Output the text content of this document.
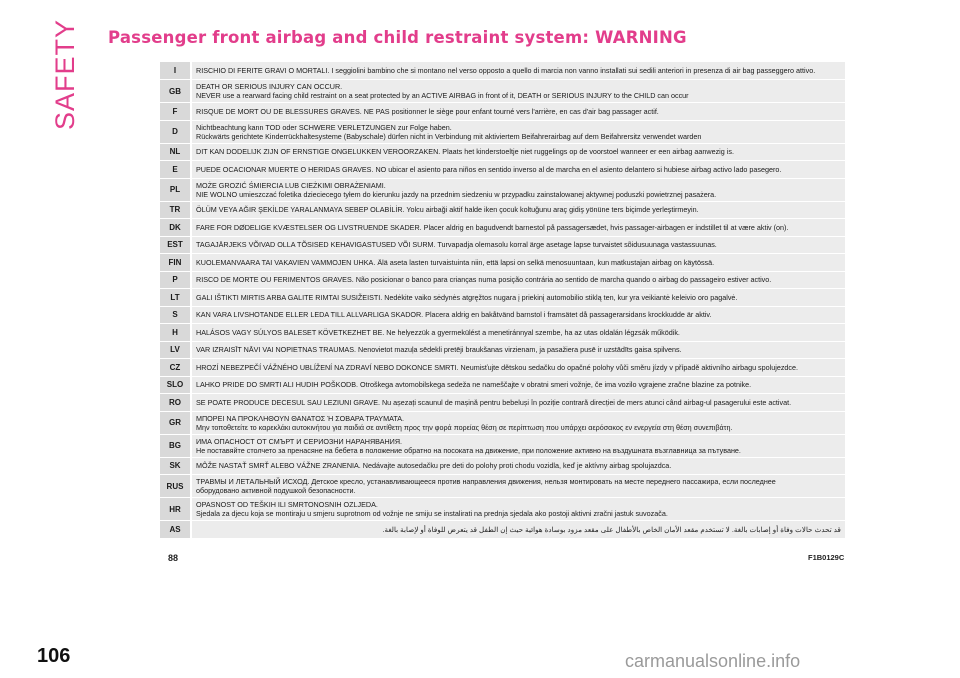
SAFETY	Passenger front airbag and child restraint system: WARNING
I	RISCHIO DI FERITE GRAVI O MORTALI. I seggiolini bambino che si montano nel verso opposto a quello di marcia non vanno installati sui sedili anteriori in presenza di air bag passeggero attivo.

GB	DEATH OR SERIOUS INJURY CAN OCCUR.
NEVER use a rearward facing child restraint on a seat protected by an ACTIVE AIRBAG in front of it, DEATH or SERIOUS INJURY to the CHILD can occur

F	RISQUE DE MORT OU DE BLESSURES GRAVES. NE PAS positionner le siège pour enfant tourné vers l'arrière, en cas d'air bag passager actif.

D	Nichtbeachtung kann TOD oder SCHWERE VERLETZUNGEN zur Folge haben.
Rückwärts gerichtete Kinderrückhaltesysteme (Babyschale) dürfen nicht in Verbindung mit aktiviertem Beifahrerairbag auf dem Beifahrersitz verwendet warden

NL	DIT KAN DODELIJK ZIJN OF ERNSTIGE ONGELUKKEN VEROORZAKEN. Plaats het kinderstoeltje niet ruggelings op de voorstoel wanneer er een airbag aanwezig is.

E	PUEDE OCACIONAR MUERTE O HERIDAS GRAVES. NO ubicar el asiento para niños en sentido inverso al de marcha en el asiento delantero si hubiese airbag activo lado pasegero.

PL	MOŻE GROZIĆ ŚMIERCIA LUB CIEŻKIMI OBRAŻENIAMI.
NIE WOLNO umieszczać foletika dzieciecego tyłem do kierunku jazdy na przednim siedzeniu w przypadku zainstalowanej aktywnej poduszki powietrznej pasażera.

TR	ÖLÜM VEYA AĞIR ŞEKİLDE YARALANMAYA SEBEP OLABİLİR. Yolcu airbaği aktif halde iken çocuk koltuğunu araç gidiş yönüne ters biçimde yerleştirmeyin.

DK	FARE FOR DØDELIGE KVÆSTELSER OG LIVSTRUENDE SKADER. Placer aldrig en bagudvendt barnestol på passagersædet, hvis passager-airbagen er indstillet til at være aktiv (on).

EST	TAGAJÄRJEKS VÕIVAD OLLA TÕSISED KEHAVIGASTUSED VÕI SURM. Turvapadja olemasolu korral ärge asetage lapse turvaistet sõidusuunaga vastassuunas.

FIN	KUOLEMANVAARA TAI VAKAVIEN VAMMOJEN UHKA. Älä aseta lasten turvaistuinta niin, että lapsi on selkä menosuuntaan, kun matkustajan airbag on käytössä.

P	RISCO DE MORTE OU FERIMENTOS GRAVES. Não posicionar o banco para crianças numa posição contrária ao sentido de marcha quando o airbag do passageiro estiver activo.

LT	GALI IŠTIKTI MIRTIS ARBA GALITE RIMTAI SUSIŽEISTI. Nedėkite vaiko sėdynės atgręžtos nugara į priekinį automobilio stiklą ten, kur yra veikiantė keleivio oro pagalvė.

S	KAN VARA LIVSHOTANDE ELLER LEDA TILL ALLVARLIGA SKADOR. Placera aldrig en bakåtvänd barnstol i framsätet då passagerarsidans krockkudde är aktiv.

H	HALÁSOS VAGY SÚLYOS BALESET KÖVETKEZHET BE. Ne helyezzük a gyermekülést a menetiránnyal szembe, ha az utas oldalán légzsák működik.

LV	VAR IZRAISĪT NĀVI VAI NOPIETNAS TRAUMAS. Nenovietot mazuļa sēdekli pretēji braukšanas virzienam, ja pasažiera pusē ir uzstādīts gaisa spilvens.

CZ	HROZÍ NEBEZPEČÍ VÁŽNÉHO UBLÍŽENÍ NA ZDRAVÍ NEBO DOKONCE SMRTI. Neumisťujte dětskou sedačku do opačné polohy vůči směru jízdy v případě aktivního airbagu spolujezdce.

SLO	LAHKO PRIDE DO SMRTI ALI HUDIH POŠKODB. Otroškega avtomobilskega sedeža ne nameščajte v obratni smeri vožnje, če ima vozilo vgrajene zračne blazine za potnike.

RO	SE POATE PRODUCE DECESUL SAU LEZIUNI GRAVE. Nu așezați scaunul de mașină pentru bebeluși în poziție contrară direcției de mers atunci când airbag-ul pasagerului este activat.

GR	ΜΠΟΡΕΙ ΝΑ ΠΡΟΚΛΗΘΟΥΝ ΘΑΝΑΤΟΣ Ή ΣΟΒΑΡΑ ΤΡΑΥΜΑΤΑ.
Μην τοποθετείτε το καρεκλάκι αυτοκινήτου για παιδιά σε αντίθετη προς την φορά πορείας θέση σε περίπτωση που υπάρχει αερόσακος εν ενεργεία στη θέση συνεπιβάτη.

BG	ИМА ОПАСНОСТ ОТ СМЪРТ И СЕРИОЗНИ НАРАНЯВАНИЯ.
Не поставяйте столчето за пренасяне на бебета в положение обратно на посоката на движение, при положение активно на въздушната възглавница за пътуване.

SK	MÔŽE NASTAŤ SMRŤ ALEBO VÁŽNE ZRANENIA. Nedávajte autosedačku pre deti do polohy proti chodu vozidla, keď je aktívny airbag spolujazdca.

RUS	ТРАВМЫ И ЛЕТАЛЬНЫЙ ИСХОД. Детское кресло, устанавливающееся против направления движения, нельзя монтировать на месте переднего пассажира, если последнее
оборудовано активной подушкой безопасности.

HR	OPASNOST OD TEŠKIH ILI SMRTONOSNIH OZLJEDA.
Sjedala za djecu koja se montiraju u smjeru suprotnom od vožnje ne smiju se instalirati na prednja sjedala ako postoji aktivni zračni jastuk suvozača.

AS	قد تحدث حالات وفاة أو إصابات بالغة. لا تستخدم مقعد الأمان الخاص بالأطفال على مقعد مزود بوسادة هوائية حيث إن الطفل قد يتعرض للوفاة أو لإصابة بالغة.
88	F1B0129C
106	carmanualsonline.info
